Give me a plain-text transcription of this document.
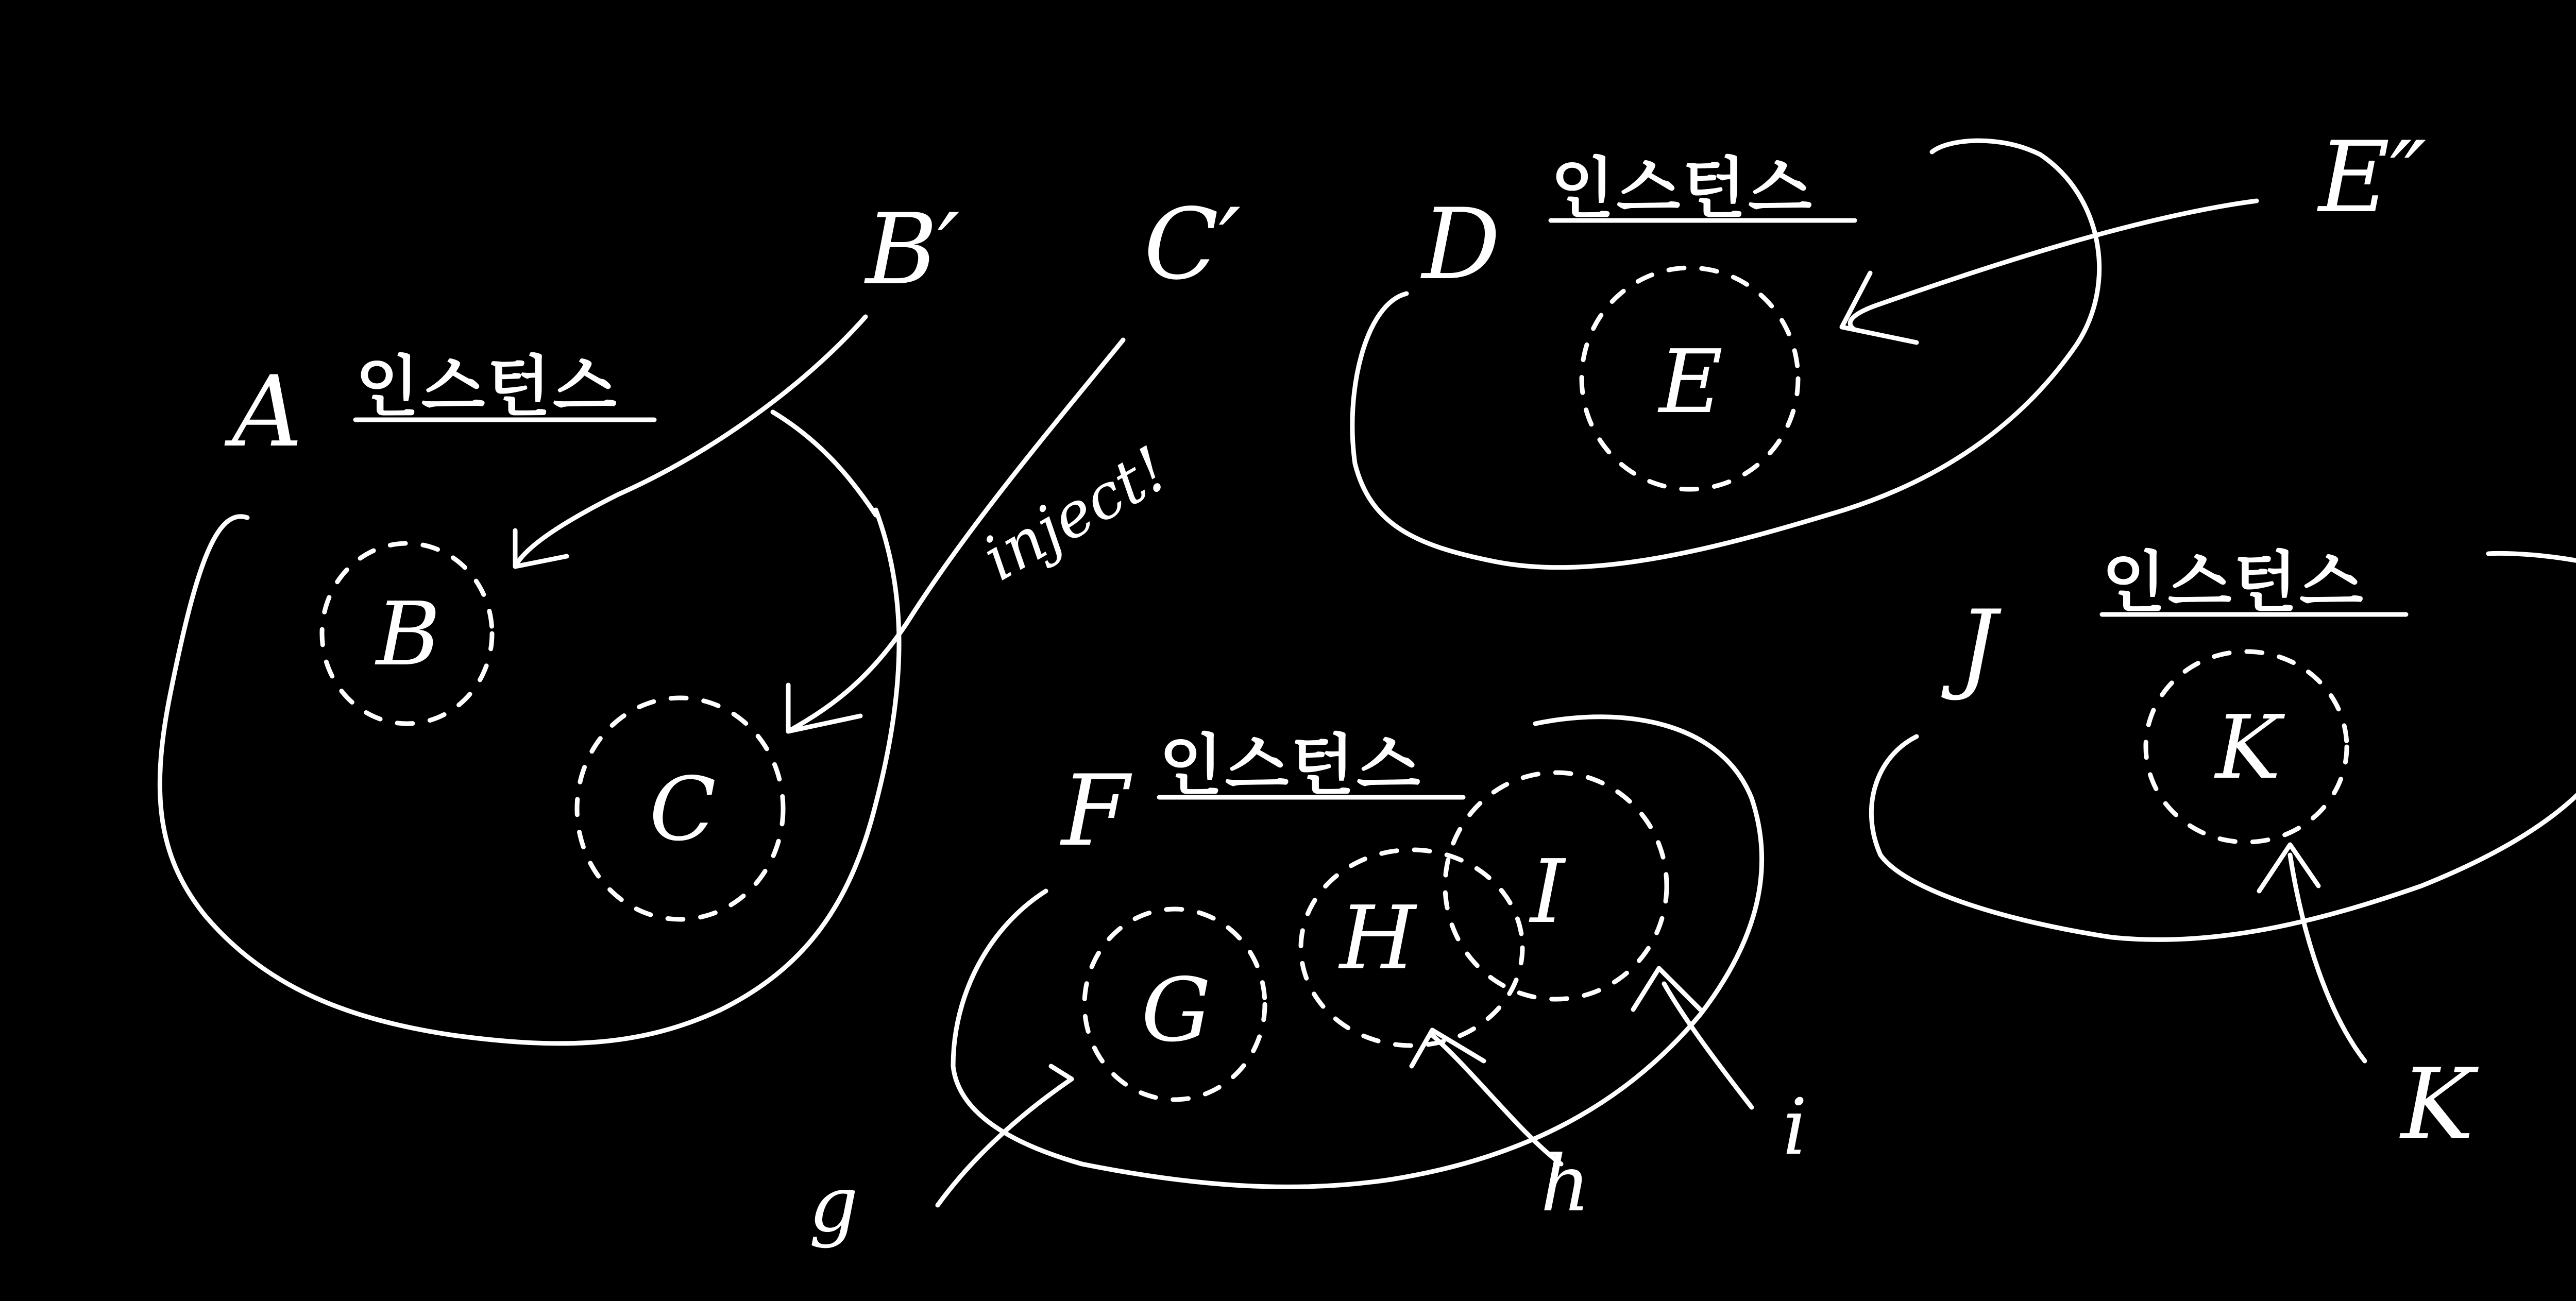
A 인스턴스
B
C
B′ C′
inject!
D 인스턴스
E
E″
F 인스턴스
G
H I
g	h
i
J
인스턴스
K
K
